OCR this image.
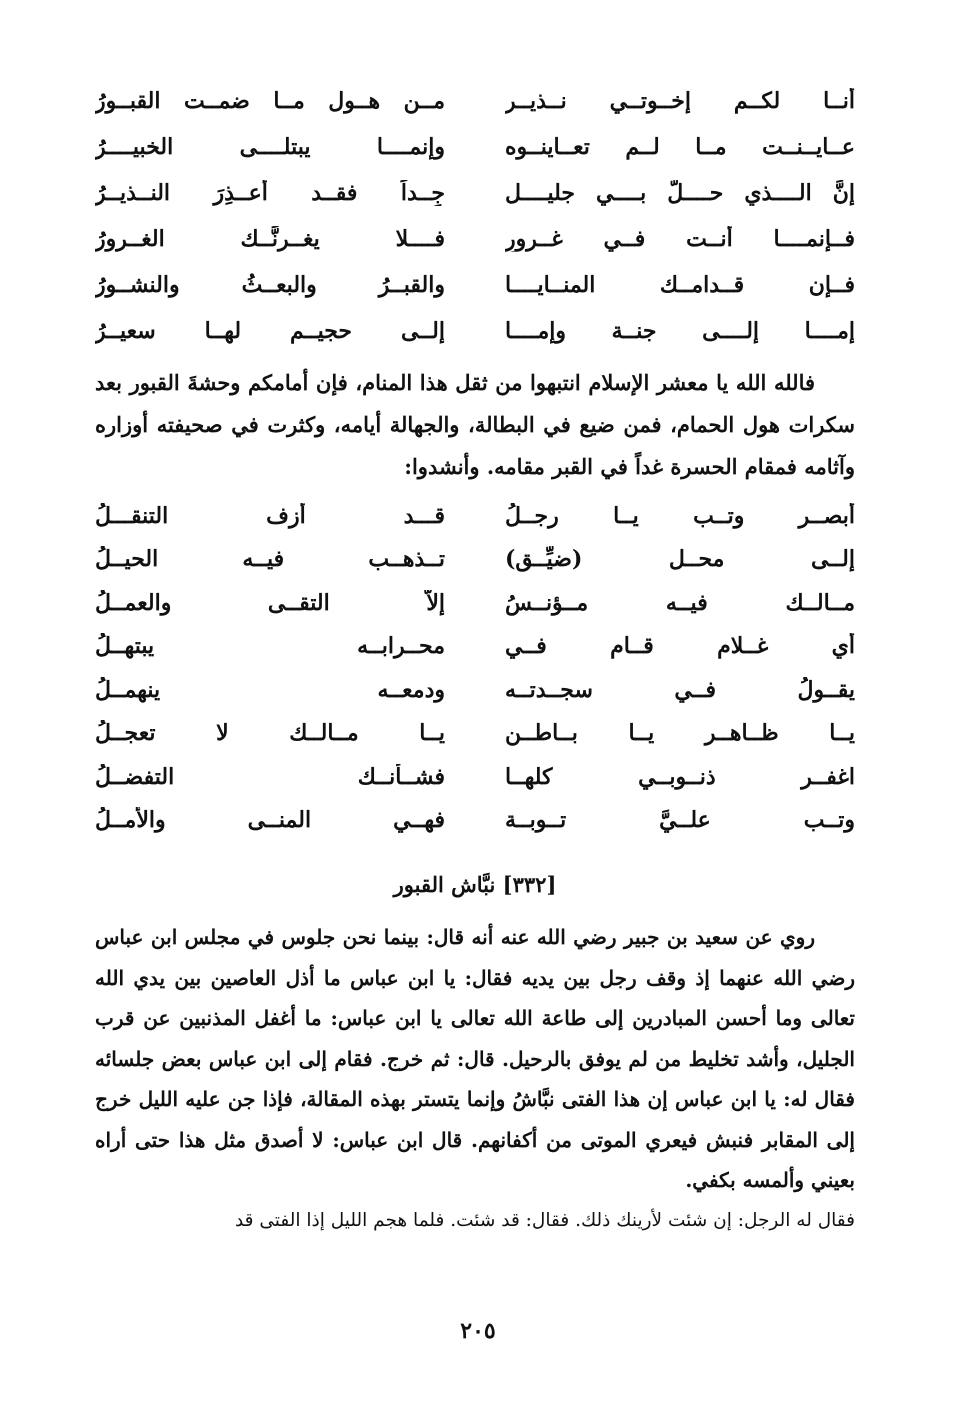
أنــا لكــم إخــوتــي نــذيــر
مــن هــول مــا ضمــت القبــورُ
عــايــنــت مــا لــم تعــاينــوه
وإنمــــا يبتلــــى الخبيــــرُ
إنَّ الــــذي حــــلَّ بــــي جليــــل
جِــداً فقــد أُعــذِرَ النــذيــرُ
فــإنمــــا أنــت فــي غــرورٍ
فــــلا يغــرنَّــك الغــرورُ
فــإن قــدامــك المنــايــــا
والقبــرُ والبعــثُ والنشــورُ
إمــــا إلــــى جنــة وإمــــا
إلــى حجيــم لهــا سعيــرُ

فالله الله يا معشر الإسلام انتبهوا من ثقل هذا المنام، فإن أمامكم وحشةَ القبور بعد سكرات هول الحمام، فمن ضيع في البطالة، والجهالة أيامه، وكثرت في صحيفته أوزاره وآثامه فمقام الحسرة غداً في القبر مقامه. وأنشدوا:

أبصــر وتــب يــا رجــلُ
قـــد أزف التنقـــلُ
إلــى محــل (ضيِّــق)
تــذهــب فيــه الحيــلُ
مــالــك فيــه مــؤنــسُ
إلاّ التقــى والعمــلُ
أي غــلامٍ قــام فــي
محــرابــه يبتهــلُ
يقــولُ فــي سجــدتــه
ودمعــه ينهمــلُ
يــا ظــاهــر يــا بــاطــن
يــا مــالــك لا تعجــلُ
اغفــر ذنــوبــي كلهــا
فشــأنــك التفضــلُ
وتــب علــيَّ تــوبــة
فهــي المنــى والأمــلُ
[٣٣٢] نبَّاش القبور

روي عن سعيد بن جبير رضي الله عنه أنه قال: بينما نحن جلوس في مجلس ابن عباس رضي الله عنهما إذ وقف رجل بين يديه فقال: يا ابن عباس ما أذل العاصين بين يدي الله تعالى وما أحسن المبادرين إلى طاعة الله تعالى يا ابن عباس: ما أغفل المذنبين عن قرب الجليل، وأشد تخليط من لم يوفق بالرحيل. قال: ثم خرج. فقام إلى ابن عباس بعض جلسائه فقال له: يا ابن عباس إن هذا الفتى نبَّاشُ وإنما يتستر بهذه المقالة، فإذا جن عليه الليل خرج إلى المقابر فنبش فيعري الموتى من أكفانهم. قال ابن عباس: لا أصدق مثل هذا حتى أراه بعيني وألمسه بكفي.

فقال له الرجل: إن شئت لأرينك ذلك. فقال: قد شئت. فلما هجم الليل إذا الفتى قد

٢٠٥
